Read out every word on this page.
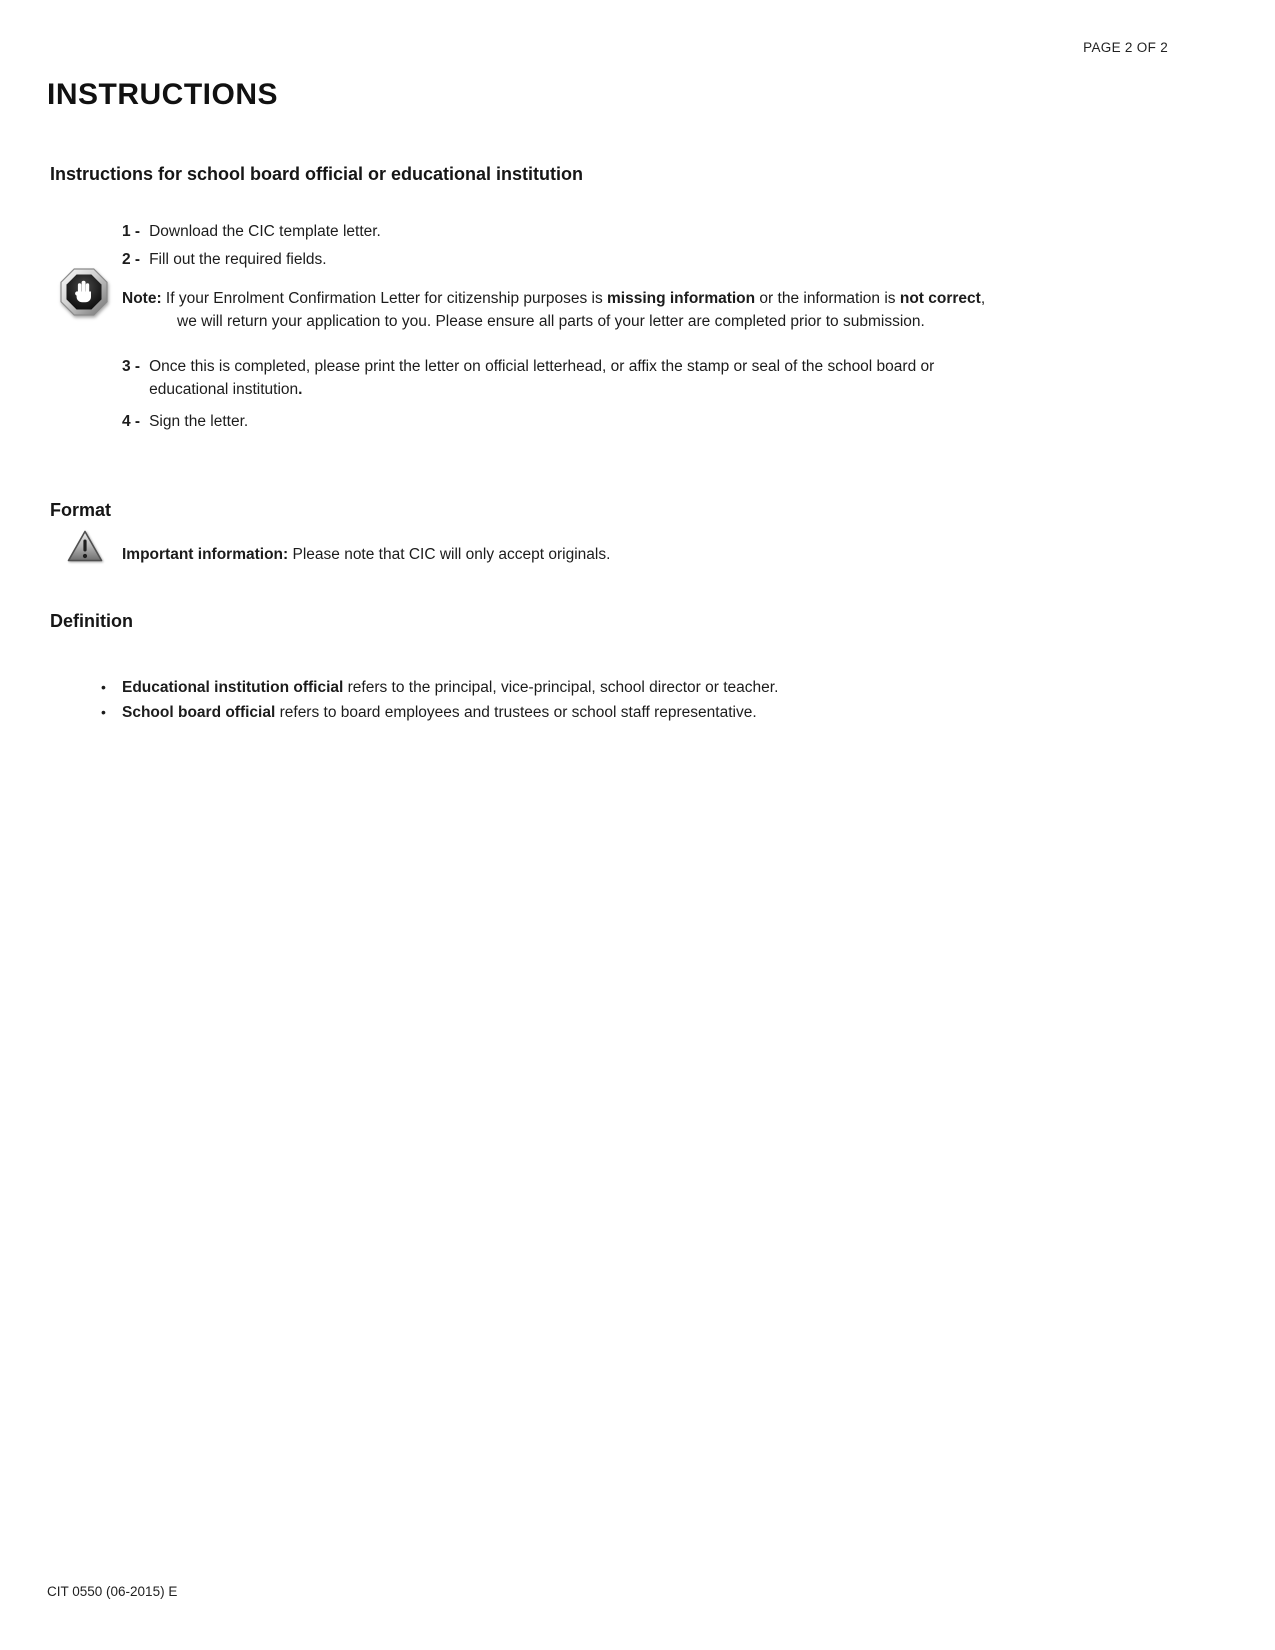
PAGE 2 OF 2
INSTRUCTIONS
Instructions for school board official or educational institution
1 - Download the CIC template letter.
2 - Fill out the required fields.
Note: If your Enrolment Confirmation Letter for citizenship purposes is missing information or the information is not correct,
we will return your application to you. Please ensure all parts of your letter are completed prior to submission.
3 - Once this is completed, please print the letter on official letterhead, or affix the stamp or seal of the school board or
educational institution.
4 - Sign the letter.
Format
Important information: Please note that CIC will only accept originals.
Definition
•	Educational institution official refers to the principal, vice-principal, school director or teacher.
•	School board official refers to board employees and trustees or school staff representative.
CIT 0550 (06-2015) E
